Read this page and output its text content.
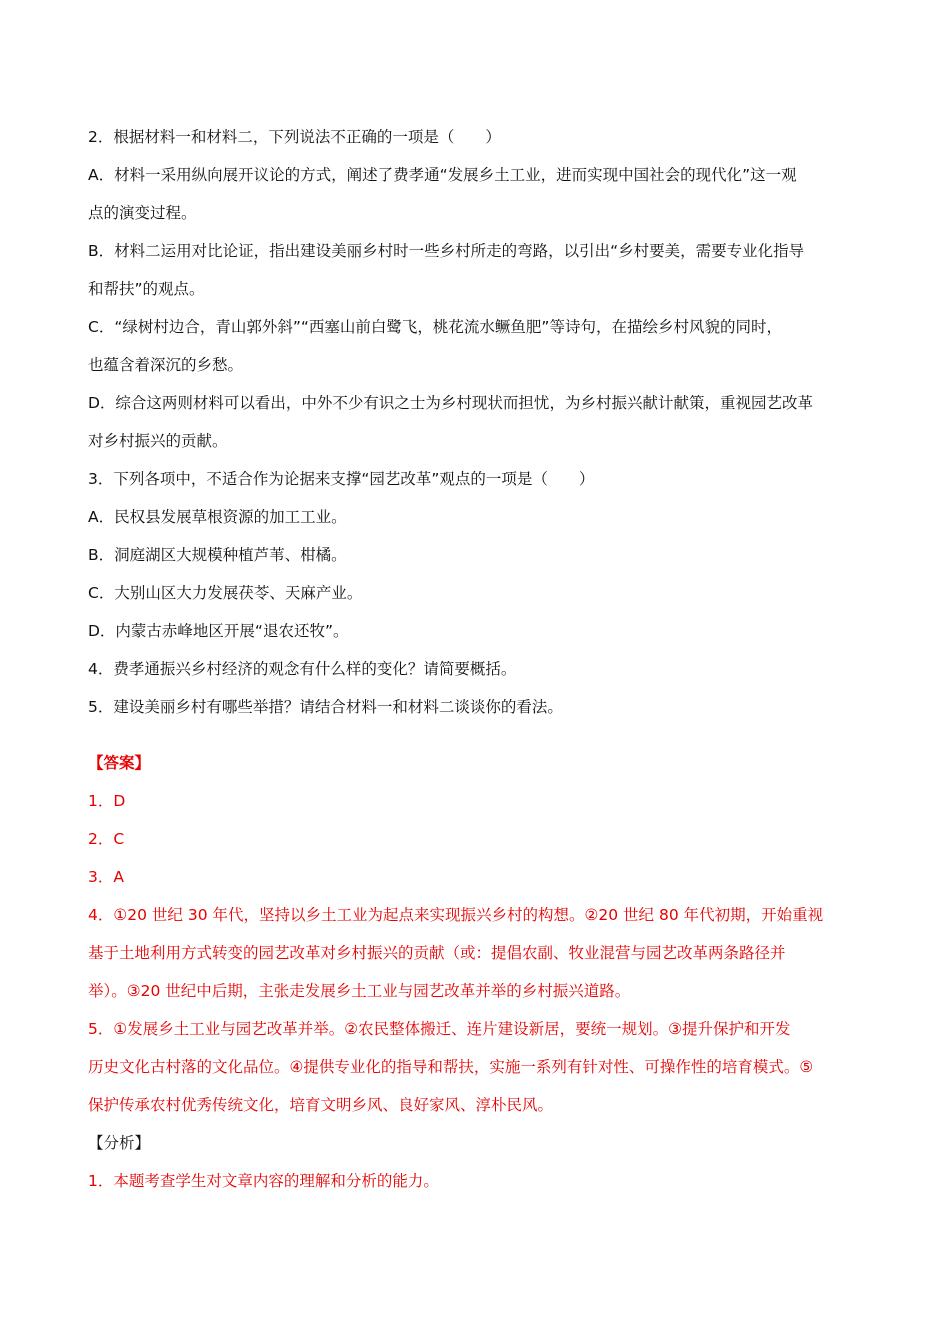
2．根据材料一和材料二，下列说法不正确的一项是（　　）
A．材料一采用纵向展开议论的方式，阐述了费孝通“发展乡土工业，进而实现中国社会的现代化”这一观
点的演变过程。
B．材料二运用对比论证，指出建设美丽乡村时一些乡村所走的弯路，以引出“乡村要美，需要专业化指导
和帮扶”的观点。
C．“绿树村边合，青山郭外斜”“西塞山前白鹭飞，桃花流水鳜鱼肥”等诗句，在描绘乡村风貌的同时，
也蕴含着深沉的乡愁。
D．综合这两则材料可以看出，中外不少有识之士为乡村现状而担忧，为乡村振兴献计献策，重视园艺改革
对乡村振兴的贡献。
3．下列各项中，不适合作为论据来支撑“园艺改革”观点的一项是（　　）
A．民权县发展草根资源的加工工业。
B．洞庭湖区大规模种植芦苇、柑橘。
C．大别山区大力发展茯苓、天麻产业。
D．内蒙古赤峰地区开展“退农还牧”。
4．费孝通振兴乡村经济的观念有什么样的变化？请简要概括。
5．建设美丽乡村有哪些举措？请结合材料一和材料二谈谈你的看法。
【答案】
1．D
2．C
3．A
4．①20 世纪 30 年代，坚持以乡土工业为起点来实现振兴乡村的构想。②20 世纪 80 年代初期，开始重视
基于土地利用方式转变的园艺改革对乡村振兴的贡献（或：提倡农副、牧业混营与园艺改革两条路径并
举）。③20 世纪中后期，主张走发展乡土工业与园艺改革并举的乡村振兴道路。
5．①发展乡土工业与园艺改革并举。②农民整体搬迁、连片建设新居，要统一规划。③提升保护和开发
历史文化古村落的文化品位。④提供专业化的指导和帮扶，实施一系列有针对性、可操作性的培育模式。⑤
保护传承农村优秀传统文化，培育文明乡风、良好家风、淳朴民风。
【分析】
1．本题考查学生对文章内容的理解和分析的能力。
